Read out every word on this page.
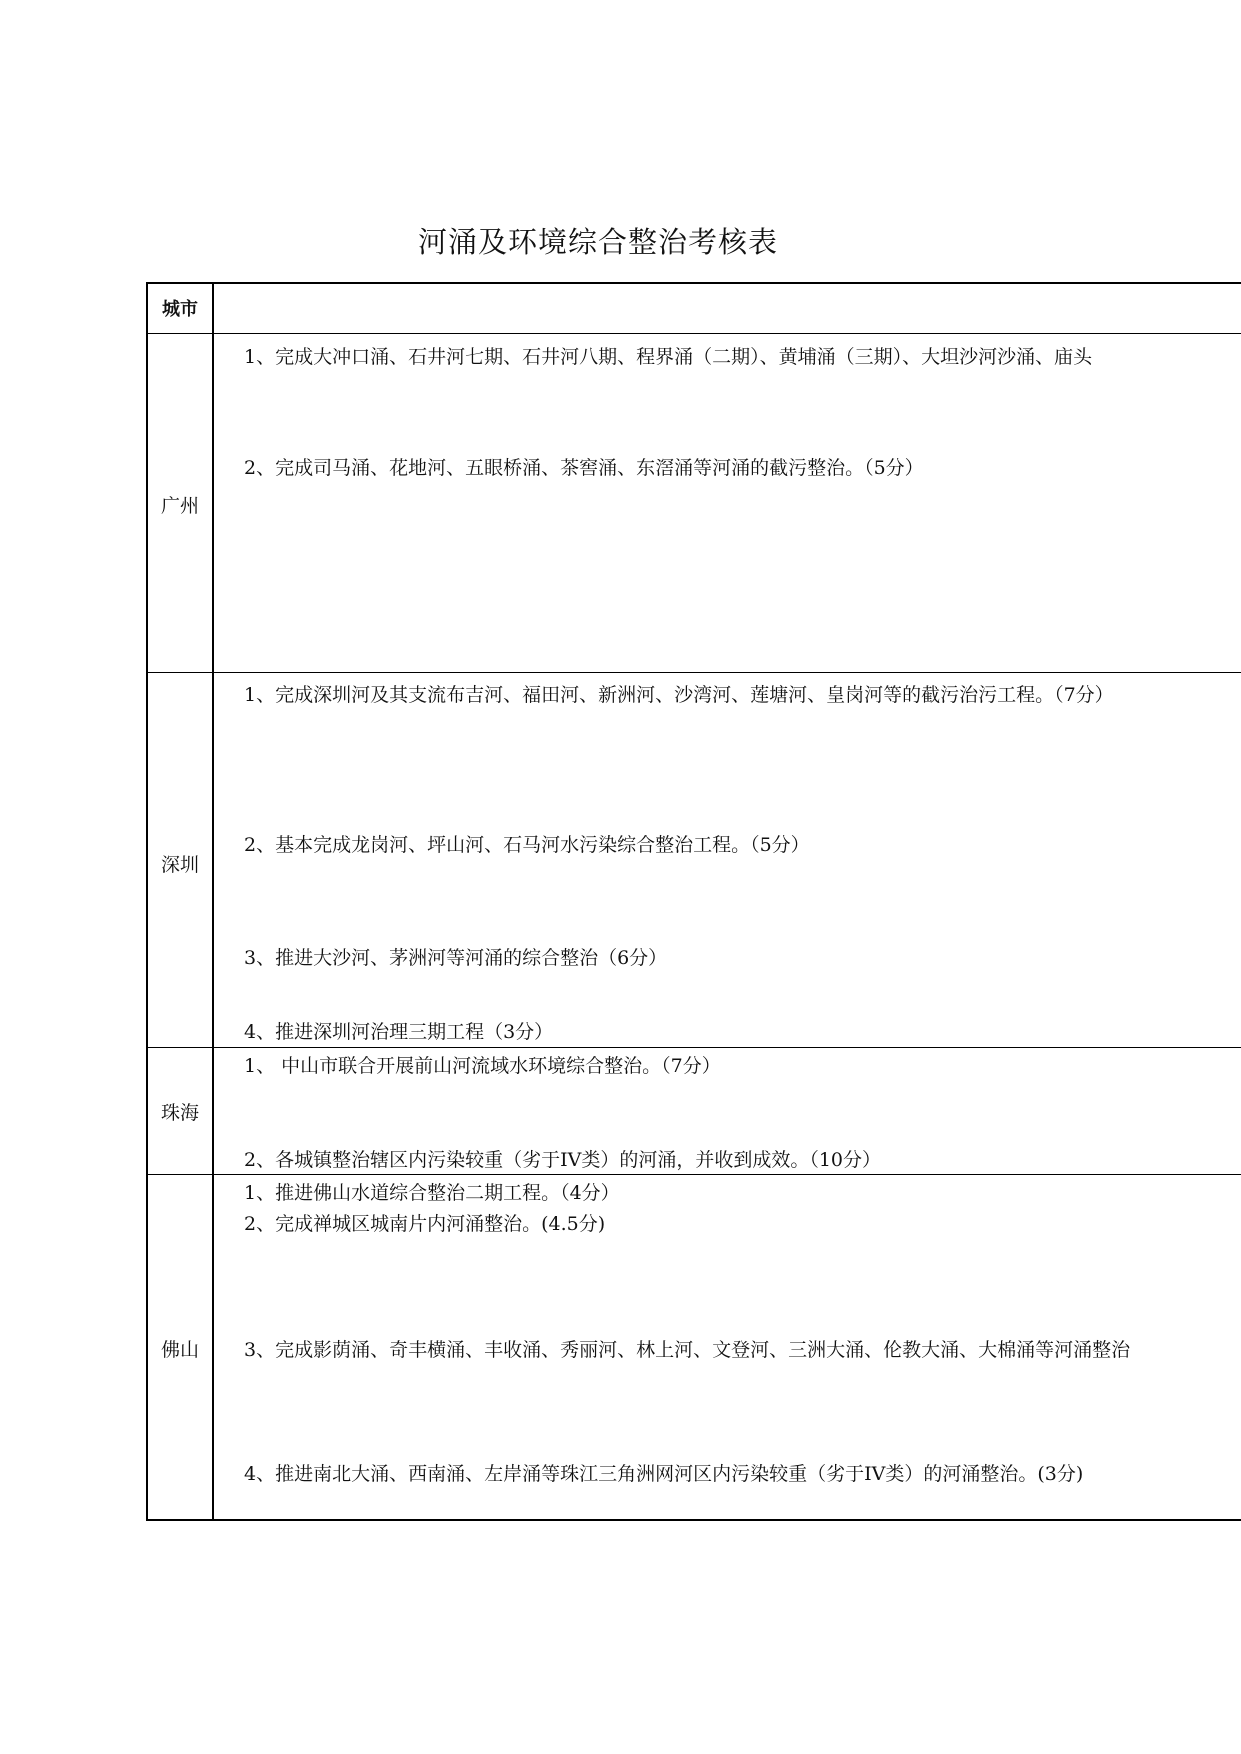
河涌及环境综合整治考核表
城市
广州
1、完成大冲口涌、石井河七期、石井河八期、程界涌（二期）、黄埔涌（三期）、大坦沙河沙涌、庙头
2、完成司马涌、花地河、五眼桥涌、茶窖涌、东滘涌等河涌的截污整治。（5分）
深圳
1、完成深圳河及其支流布吉河、福田河、新洲河、沙湾河、莲塘河、皇岗河等的截污治污工程。（7分）
2、基本完成龙岗河、坪山河、石马河水污染综合整治工程。（5分）
3、推进大沙河、茅洲河等河涌的综合整治（6分）
4、推进深圳河治理三期工程（3分）
珠海
1、 中山市联合开展前山河流域水环境综合整治。（7分）
2、各城镇整治辖区内污染较重（劣于IV类）的河涌，并收到成效。（10分）
佛山
1、推进佛山水道综合整治二期工程。（4分）
2、完成禅城区城南片内河涌整治。(4.5分)
3、完成影荫涌、奇丰横涌、丰收涌、秀丽河、林上河、文登河、三洲大涌、伦教大涌、大棉涌等河涌整治
4、推进南北大涌、西南涌、左岸涌等珠江三角洲网河区内污染较重（劣于IV类）的河涌整治。(3分)
